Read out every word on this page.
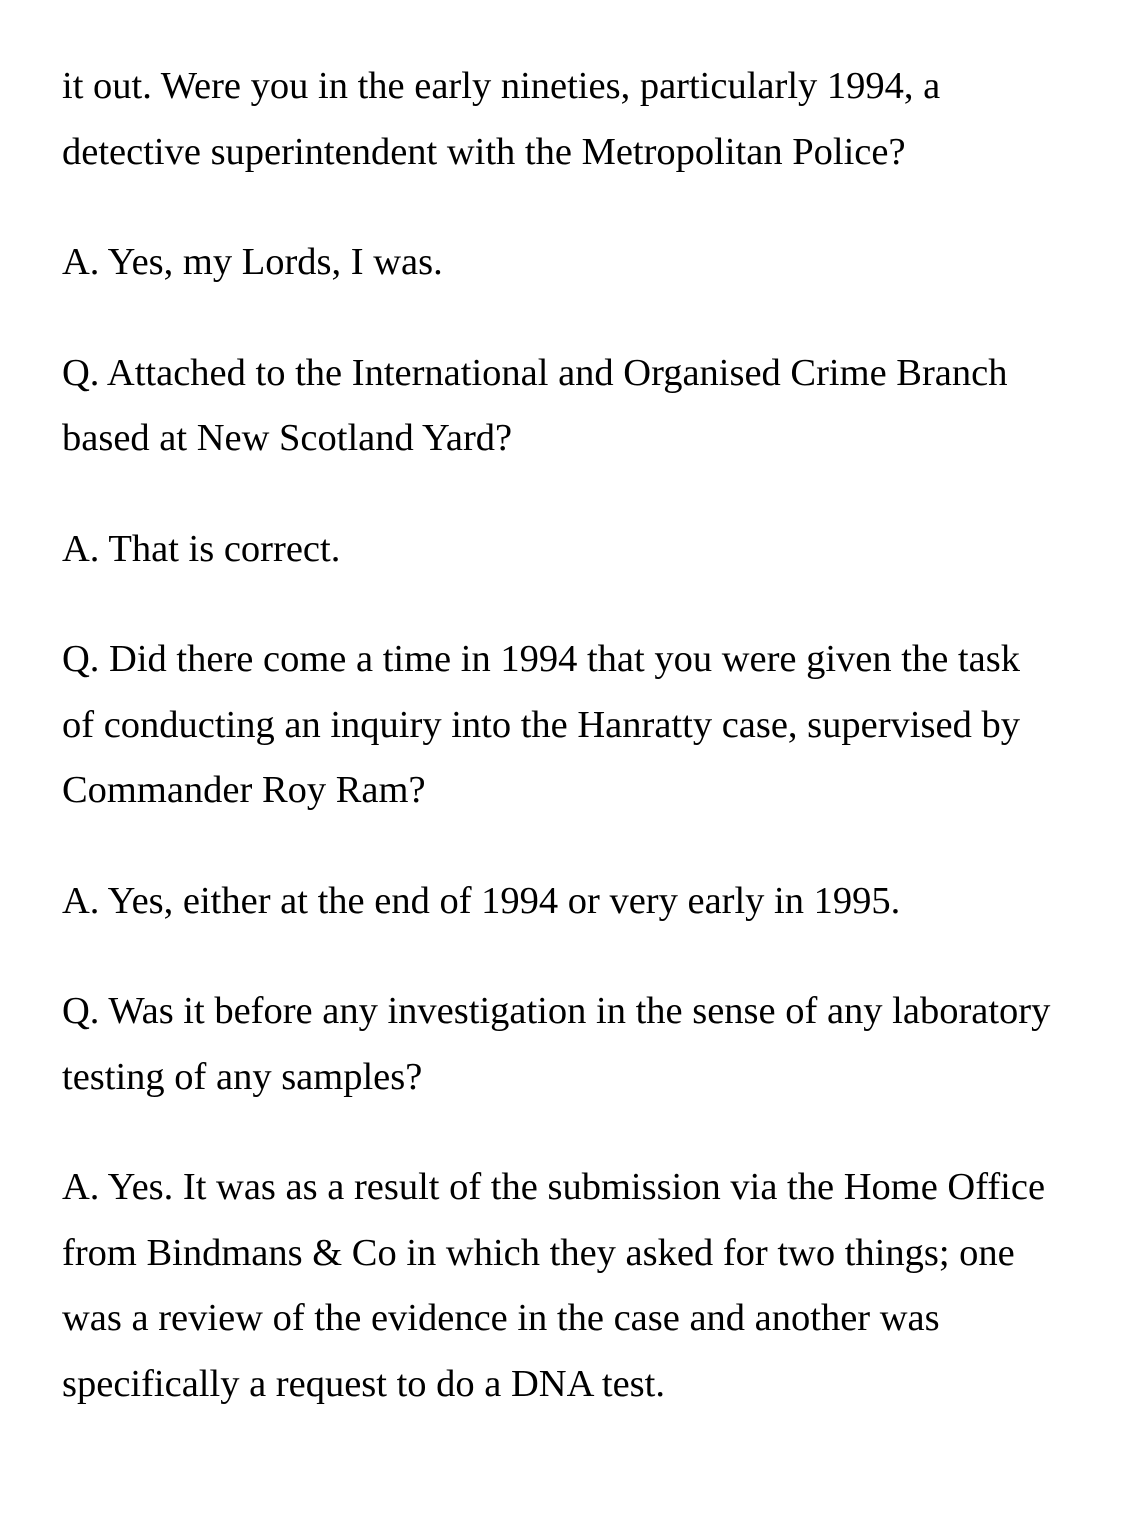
it out. Were you in the early nineties, particularly 1994, a
detective superintendent with the Metropolitan Police?

A. Yes, my Lords, I was.

Q. Attached to the International and Organised Crime Branch
based at New Scotland Yard?

A. That is correct.

Q. Did there come a time in 1994 that you were given the task
of conducting an inquiry into the Hanratty case, supervised by
Commander Roy Ram?

A. Yes, either at the end of 1994 or very early in 1995.

Q. Was it before any investigation in the sense of any laboratory
testing of any samples?

A. Yes. It was as a result of the submission via the Home Office
from Bindmans & Co in which they asked for two things; one
was a review of the evidence in the case and another was
specifically a request to do a DNA test.
